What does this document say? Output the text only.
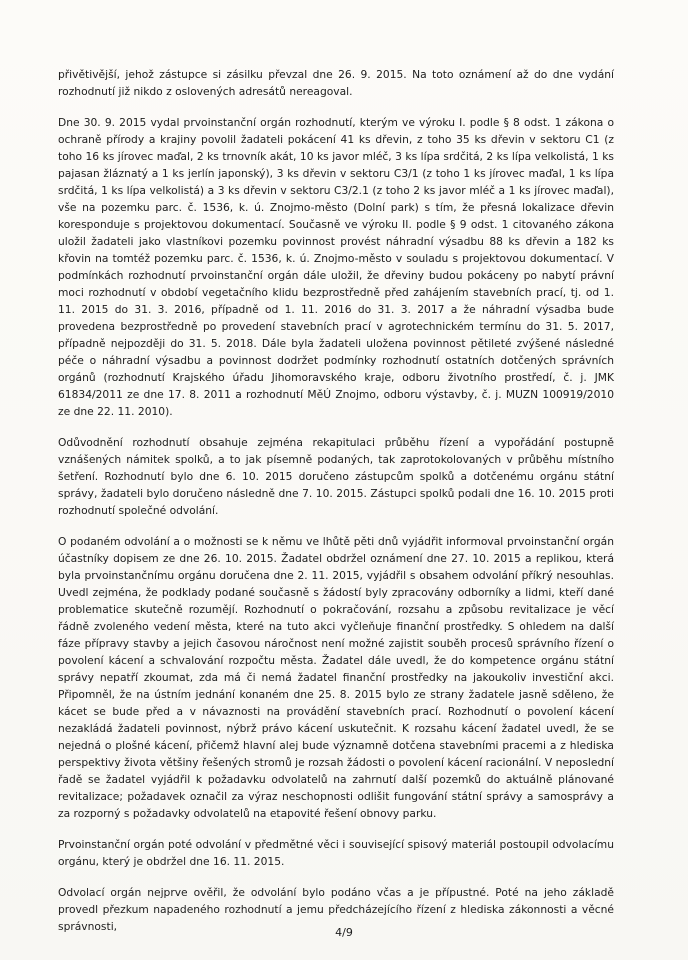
přivětivější, jehož zástupce si zásilku převzal dne 26. 9. 2015. Na toto oznámení až do dne vydání rozhodnutí již nikdo z oslovených adresátů nereagoval.

Dne 30. 9. 2015 vydal prvoinstanční orgán rozhodnutí, kterým ve výroku I. podle § 8 odst. 1 zákona o ochraně přírody a krajiny povolil žadateli pokácení 41 ks dřevin, z toho 35 ks dřevin v sektoru C1 (z toho 16 ks jírovec maďal, 2 ks trnovník akát, 10 ks javor mléč, 3 ks lípa srdčitá, 2 ks lípa velkolistá, 1 ks pajasan žláznatý a 1 ks jerlín japonský), 3 ks dřevin v sektoru C3/1 (z toho 1 ks jírovec maďal, 1 ks lípa srdčitá, 1 ks lípa velkolistá) a 3 ks dřevin v sektoru C3/2.1 (z toho 2 ks javor mléč a 1 ks jírovec maďal), vše na pozemku parc. č. 1536, k. ú. Znojmo-město (Dolní park) s tím, že přesná lokalizace dřevin koresponduje s projektovou dokumentací. Současně ve výroku II. podle § 9 odst. 1 citovaného zákona uložil žadateli jako vlastníkovi pozemku povinnost provést náhradní výsadbu 88 ks dřevin a 182 ks křovin na tomtéž pozemku parc. č. 1536, k. ú. Znojmo-město v souladu s projektovou dokumentací. V podmínkách rozhodnutí prvoinstanční orgán dále uložil, že dřeviny budou pokáceny po nabytí právní moci rozhodnutí v období vegetačního klidu bezprostředně před zahájením stavebních prací, tj. od 1. 11. 2015 do 31. 3. 2016, případně od 1. 11. 2016 do 31. 3. 2017 a že náhradní výsadba bude provedena bezprostředně po provedení stavebních prací v agrotechnickém termínu do 31. 5. 2017, případně nejpozději do 31. 5. 2018. Dále byla žadateli uložena povinnost pětileté zvýšené následné péče o náhradní výsadbu a povinnost dodržet podmínky rozhodnutí ostatních dotčených správních orgánů (rozhodnutí Krajského úřadu Jihomoravského kraje, odboru životního prostředí, č. j. JMK 61834/2011 ze dne 17. 8. 2011 a rozhodnutí MěÚ Znojmo, odboru výstavby, č. j. MUZN 100919/2010 ze dne 22. 11. 2010).

Odůvodnění rozhodnutí obsahuje zejména rekapitulaci průběhu řízení a vypořádání postupně vznášených námitek spolků, a to jak písemně podaných, tak zaprotokolovaných v průběhu místního šetření. Rozhodnutí bylo dne 6. 10. 2015 doručeno zástupcům spolků a dotčenému orgánu státní správy, žadateli bylo doručeno následně dne 7. 10. 2015. Zástupci spolků podali dne 16. 10. 2015 proti rozhodnutí společné odvolání.

O podaném odvolání a o možnosti se k němu ve lhůtě pěti dnů vyjádřit informoval prvoinstanční orgán účastníky dopisem ze dne 26. 10. 2015. Žadatel obdržel oznámení dne 27. 10. 2015 a replikou, která byla prvoinstančnímu orgánu doručena dne 2. 11. 2015, vyjádřil s obsahem odvolání příkrý nesouhlas. Uvedl zejména, že podklady podané současně s žádostí byly zpracovány odborníky a lidmi, kteří dané problematice skutečně rozumějí. Rozhodnutí o pokračování, rozsahu a způsobu revitalizace je věcí řádně zvoleného vedení města, které na tuto akci vyčleňuje finanční prostředky. S ohledem na další fáze přípravy stavby a jejich časovou náročnost není možné zajistit souběh procesů správního řízení o povolení kácení a schvalování rozpočtu města. Žadatel dále uvedl, že do kompetence orgánu státní správy nepatří zkoumat, zda má či nemá žadatel finanční prostředky na jakoukoliv investiční akci. Připomněl, že na ústním jednání konaném dne 25. 8. 2015 bylo ze strany žadatele jasně sděleno, že kácet se bude před a v návaznosti na provádění stavebních prací. Rozhodnutí o povolení kácení nezakládá žadateli povinnost, nýbrž právo kácení uskutečnit. K rozsahu kácení žadatel uvedl, že se nejedná o plošné kácení, přičemž hlavní alej bude významně dotčena stavebními pracemi a z hlediska perspektivy života většiny řešených stromů je rozsah žádosti o povolení kácení racionální. V neposlední řadě se žadatel vyjádřil k požadavku odvolatelů na zahrnutí další pozemků do aktuálně plánované revitalizace; požadavek označil za výraz neschopnosti odlišit fungování státní správy a samosprávy a za rozporný s požadavky odvolatelů na etapovité řešení obnovy parku.

Prvoinstanční orgán poté odvolání v předmětné věci i související spisový materiál postoupil odvolacímu orgánu, který je obdržel dne 16. 11. 2015.

Odvolací orgán nejprve ověřil, že odvolání bylo podáno včas a je přípustné. Poté na jeho základě provedl přezkum napadeného rozhodnutí a jemu předcházejícího řízení z hlediska zákonnosti a věcné správnosti,	4/9
